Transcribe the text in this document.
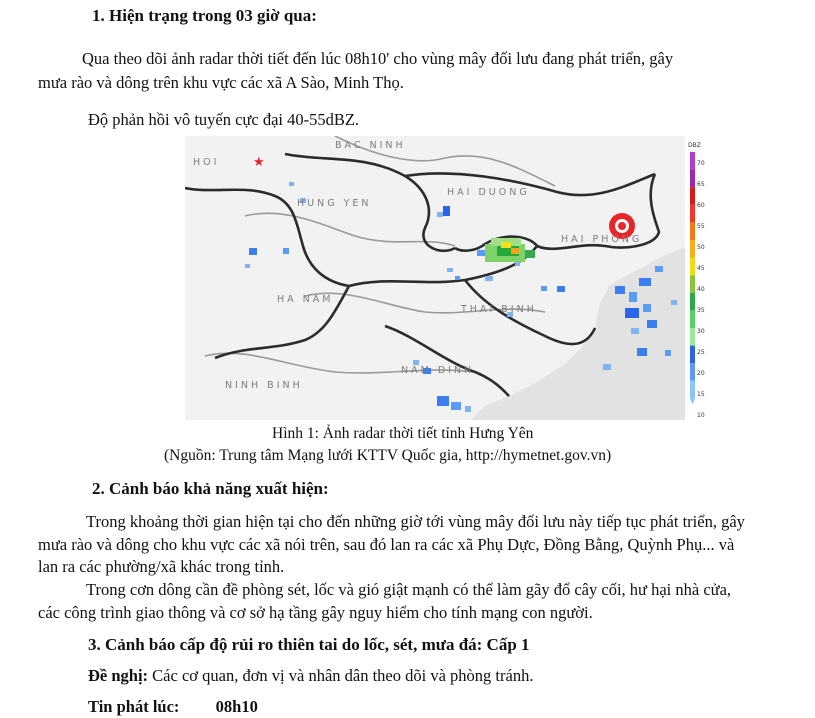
1. Hiện trạng trong 03 giờ qua:
Qua theo dõi ảnh radar thời tiết đến lúc 08h10' cho vùng mây đối lưu đang phát triển, gây
mưa rào và dông trên khu vực các xã A Sào, Minh Thọ.
Độ phản hồi vô tuyến cực đại 40-55dBZ.
★
BAC NINH
HOI
HAI DUONG
HUNG YEN
HAI PHONG
HA NAM
THAI BINH
NAM DINH
NINH BINH
DBZ
70
65
60
55
50
45
40
35
30
25
20
15
10
Hình 1: Ảnh radar thời tiết tỉnh Hưng Yên
(Nguồn: Trung tâm Mạng lưới KTTV Quốc gia, http://hymetnet.gov.vn)
2. Cảnh báo khả năng xuất hiện:
Trong khoảng thời gian hiện tại cho đến những giờ tới vùng mây đối lưu này tiếp tục phát triển, gây
mưa rào và dông cho khu vực các xã nói trên, sau đó lan ra các xã Phụ Dực, Đồng Bằng, Quỳnh Phụ... và
lan ra các phường/xã khác trong tỉnh.
Trong cơn dông cần đề phòng sét, lốc và gió giật mạnh có thể làm gãy đổ cây cối, hư hại nhà cửa,
các công trình giao thông và cơ sở hạ tầng gây nguy hiểm cho tính mạng con người.
3. Cảnh báo cấp độ rủi ro thiên tai do lốc, sét, mưa đá: Cấp 1
Đề nghị: Các cơ quan, đơn vị và nhân dân theo dõi và phòng tránh.
Tin phát lúc: 08h10
